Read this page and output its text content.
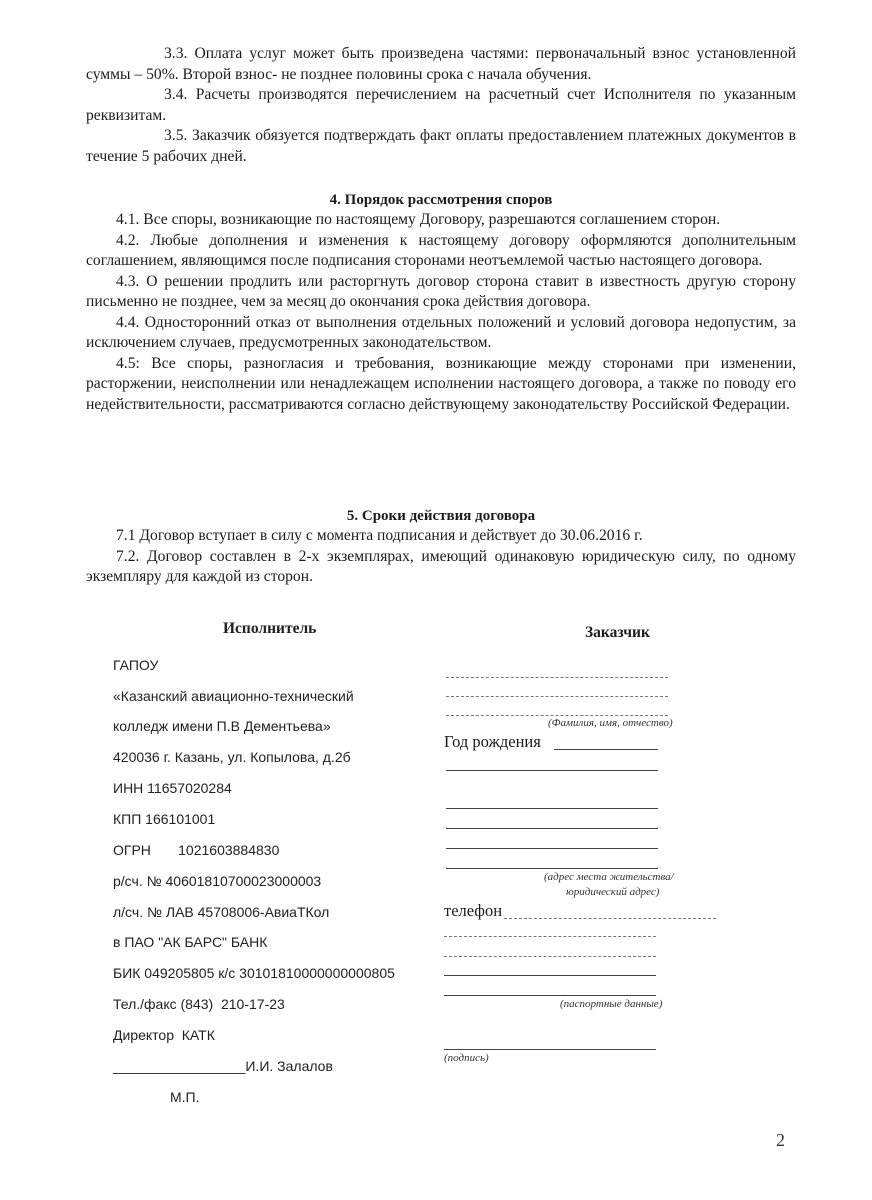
3.3. Оплата услуг может быть произведена частями: первоначальный взнос установленной суммы – 50%. Второй взнос- не позднее половины срока с начала обучения.

3.4. Расчеты производятся перечислением на расчетный счет Исполнителя по указанным реквизитам.

3.5. Заказчик обязуется подтверждать факт оплаты предоставлением платежных документов в течение 5 рабочих дней.

4. Порядок рассмотрения споров

4.1. Все споры, возникающие по настоящему Договору, разрешаются соглашением сторон.

4.2. Любые дополнения и изменения к настоящему договору оформляются дополнительным соглашением, являющимся после подписания сторонами неотъемлемой частью настоящего договора.

4.3. О решении продлить или расторгнуть договор сторона ставит в известность другую сторону письменно не позднее, чем за месяц до окончания срока действия договора.

4.4. Односторонний отказ от выполнения отдельных положений и условий договора недопустим, за исключением случаев, предусмотренных законодательством.

4.5: Все споры, разногласия и требования, возникающие между сторонами при изменении, расторжении, неисполнении или ненадлежащем исполнении настоящего договора, а также по поводу его недействительности, рассматриваются согласно действующему законодательству Российской Федерации.

5. Сроки действия договора

7.1 Договор вступает в силу с момента подписания и действует до 30.06.2016 г.

7.2. Договор составлен в 2-х экземплярах, имеющий одинаковую юридическую силу, по одному экземпляру для каждой из сторон.

Исполнитель
ГАПОУ
«Казанский авиационно-технический
колледж имени П.В Дементьева»
420036 г. Казань, ул. Копылова, д.2б
ИНН 11657020284
КПП 166101001
ОГРН       1021603884830
р/сч. № 40601810700023000003
л/сч. № ЛАВ 45708006-АвиаТКол
в ПАО "АК БАРС" БАНК
БИК 049205805 к/с 30101810000000000805
Тел./факс (843)  210-17-23
Директор  КАТК
_________________И.И. Залалов
М.П.
Заказчик
(Фамилия, имя, отчество)
Год рождения
(адрес места жительства/
юридический адрес)
телефон
(паспортные данные)
(подпись)
2
